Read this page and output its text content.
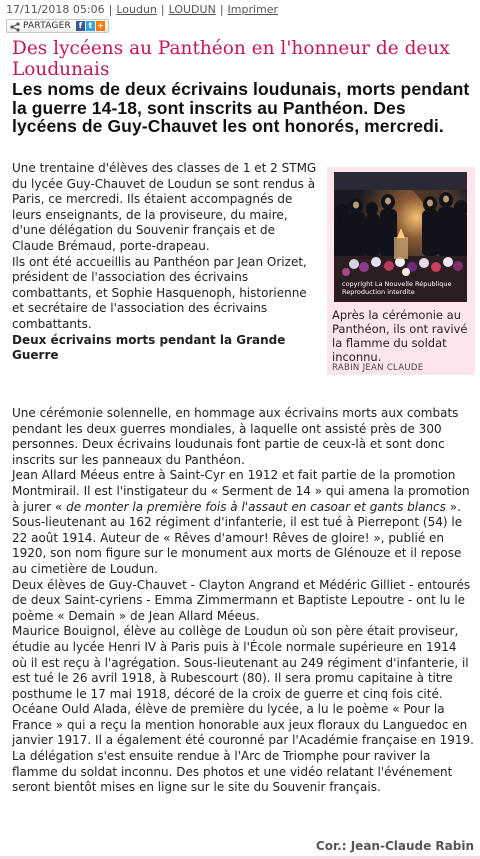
17/11/2018 05:06 | Loudun | LOUDUN | Imprimer
PARTAGER f t +
Des lycéens au Panthéon en l'honneur de deux Loudunais
Les noms de deux écrivains loudunais, morts pendant la guerre 14-18, sont inscrits au Panthéon. Des lycéens de Guy-Chauvet les ont honorés, mercredi.
Une trentaine d'élèves des classes de 1 et 2 STMG du lycée Guy-Chauvet de Loudun se sont rendus à Paris, ce mercredi. Ils étaient accompagnés de leurs enseignants, de la proviseure, du maire, d'une délégation du Souvenir français et de Claude Brémaud, porte-drapeau.
Ils ont été accueillis au Panthéon par Jean Orizet, président de l'association des écrivains combattants, et Sophie Hasquenoph, historienne et secrétaire de l'association des écrivains combattants.

Deux écrivains morts pendant la Grande Guerre
copyright La Nouvelle République
Reproduction interdite

Après la cérémonie au Panthéon, ils ont ravivé la flamme du soldat inconnu.

RABIN JEAN CLAUDE
Une cérémonie solennelle, en hommage aux écrivains morts aux combats pendant les deux guerres mondiales, à laquelle ont assisté près de 300 personnes. Deux écrivains loudunais font partie de ceux-là et sont donc inscrits sur les panneaux du Panthéon.
Jean Allard Méeus entre à Saint-Cyr en 1912 et fait partie de la promotion Montmirail. Il est l'instigateur du « Serment de 14 » qui amena la promotion à jurer « de monter la première fois à l'assaut en casoar et gants blancs ». Sous-lieutenant au 162 régiment d'infanterie, il est tué à Pierrepont (54) le 22 août 1914. Auteur de « Rêves d'amour! Rêves de gloire! », publié en 1920, son nom figure sur le monument aux morts de Glénouze et il repose au cimetière de Loudun.
Deux élèves de Guy-Chauvet - Clayton Angrand et Médéric Gilliet - entourés de deux Saint-cyriens - Emma Zimmermann et Baptiste Lepoutre - ont lu le poème « Demain » de Jean Allard Méeus.
Maurice Bouignol, élève au collège de Loudun où son père était proviseur, étudie au lycée Henri IV à Paris puis à l'École normale supérieure en 1914 où il est reçu à l'agrégation. Sous-lieutenant au 249 régiment d'infanterie, il est tué le 26 avril 1918, à Rubescourt (80). Il sera promu capitaine à titre posthume le 17 mai 1918, décoré de la croix de guerre et cinq fois cité. Océane Ould Alada, élève de première du lycée, a lu le poème « Pour la France » qui a reçu la mention honorable aux jeux floraux du Languedoc en janvier 1917. Il a également été couronné par l'Académie française en 1919.
La délégation s'est ensuite rendue à l'Arc de Triomphe pour raviver la flamme du soldat inconnu. Des photos et une vidéo relatant l'événement seront bientôt mises en ligne sur le site du Souvenir français.
Cor.: Jean-Claude Rabin
